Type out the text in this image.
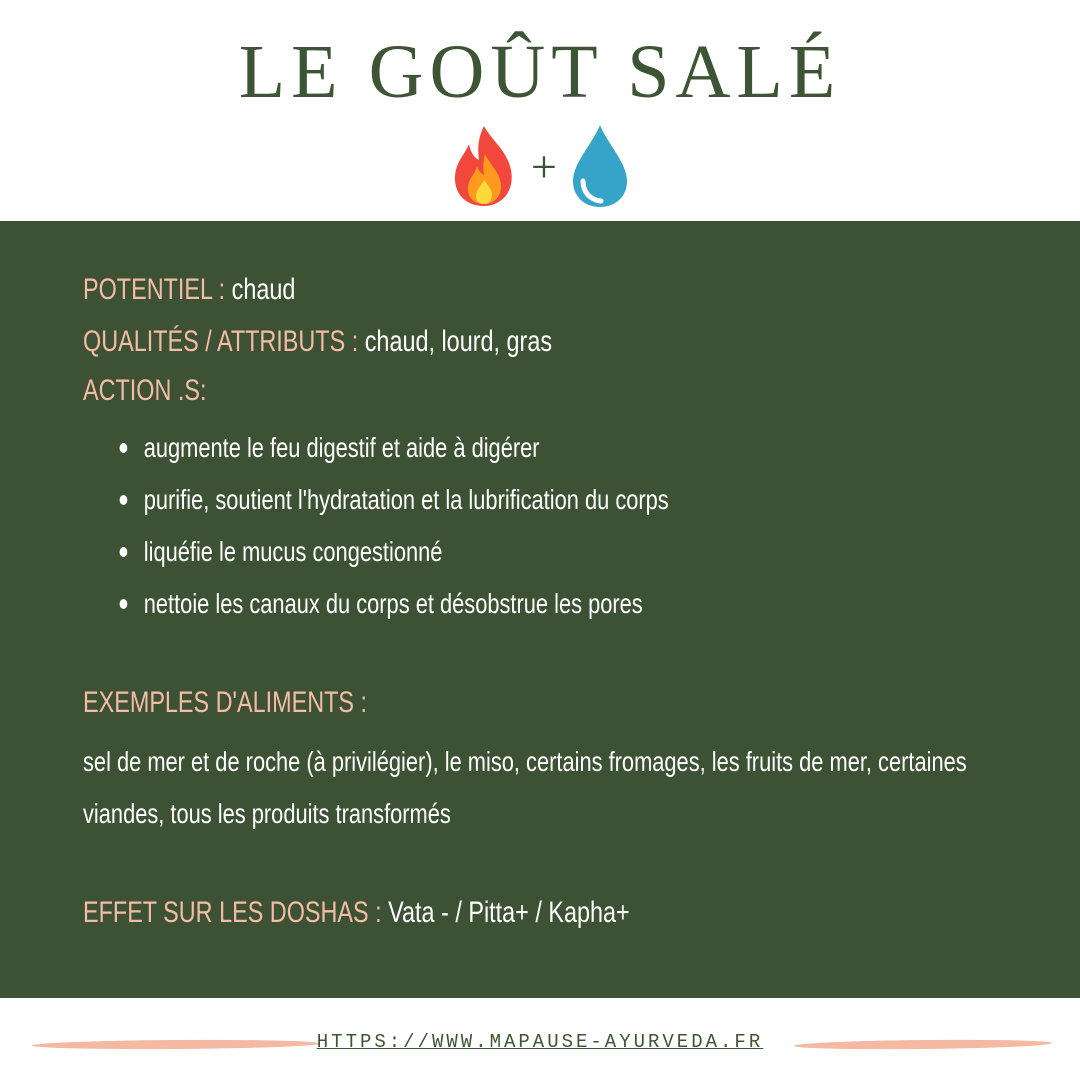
LE GOÛT SALÉ
+
POTENTIEL : chaud
QUALITÉS / ATTRIBUTS : chaud, lourd, gras
ACTION .S:
augmente le feu digestif et aide à digérer
purifie, soutient l'hydratation et la lubrification du corps
liquéfie le mucus congestionné
nettoie les canaux du corps et désobstrue les pores
EXEMPLES D'ALIMENTS :
sel de mer et de roche (à privilégier), le miso, certains fromages, les fruits de mer, certaines viandes, tous les produits transformés
EFFET SUR LES DOSHAS : Vata - / Pitta+ / Kapha+
HTTPS://WWW.MAPAUSE-AYURVEDA.FR
